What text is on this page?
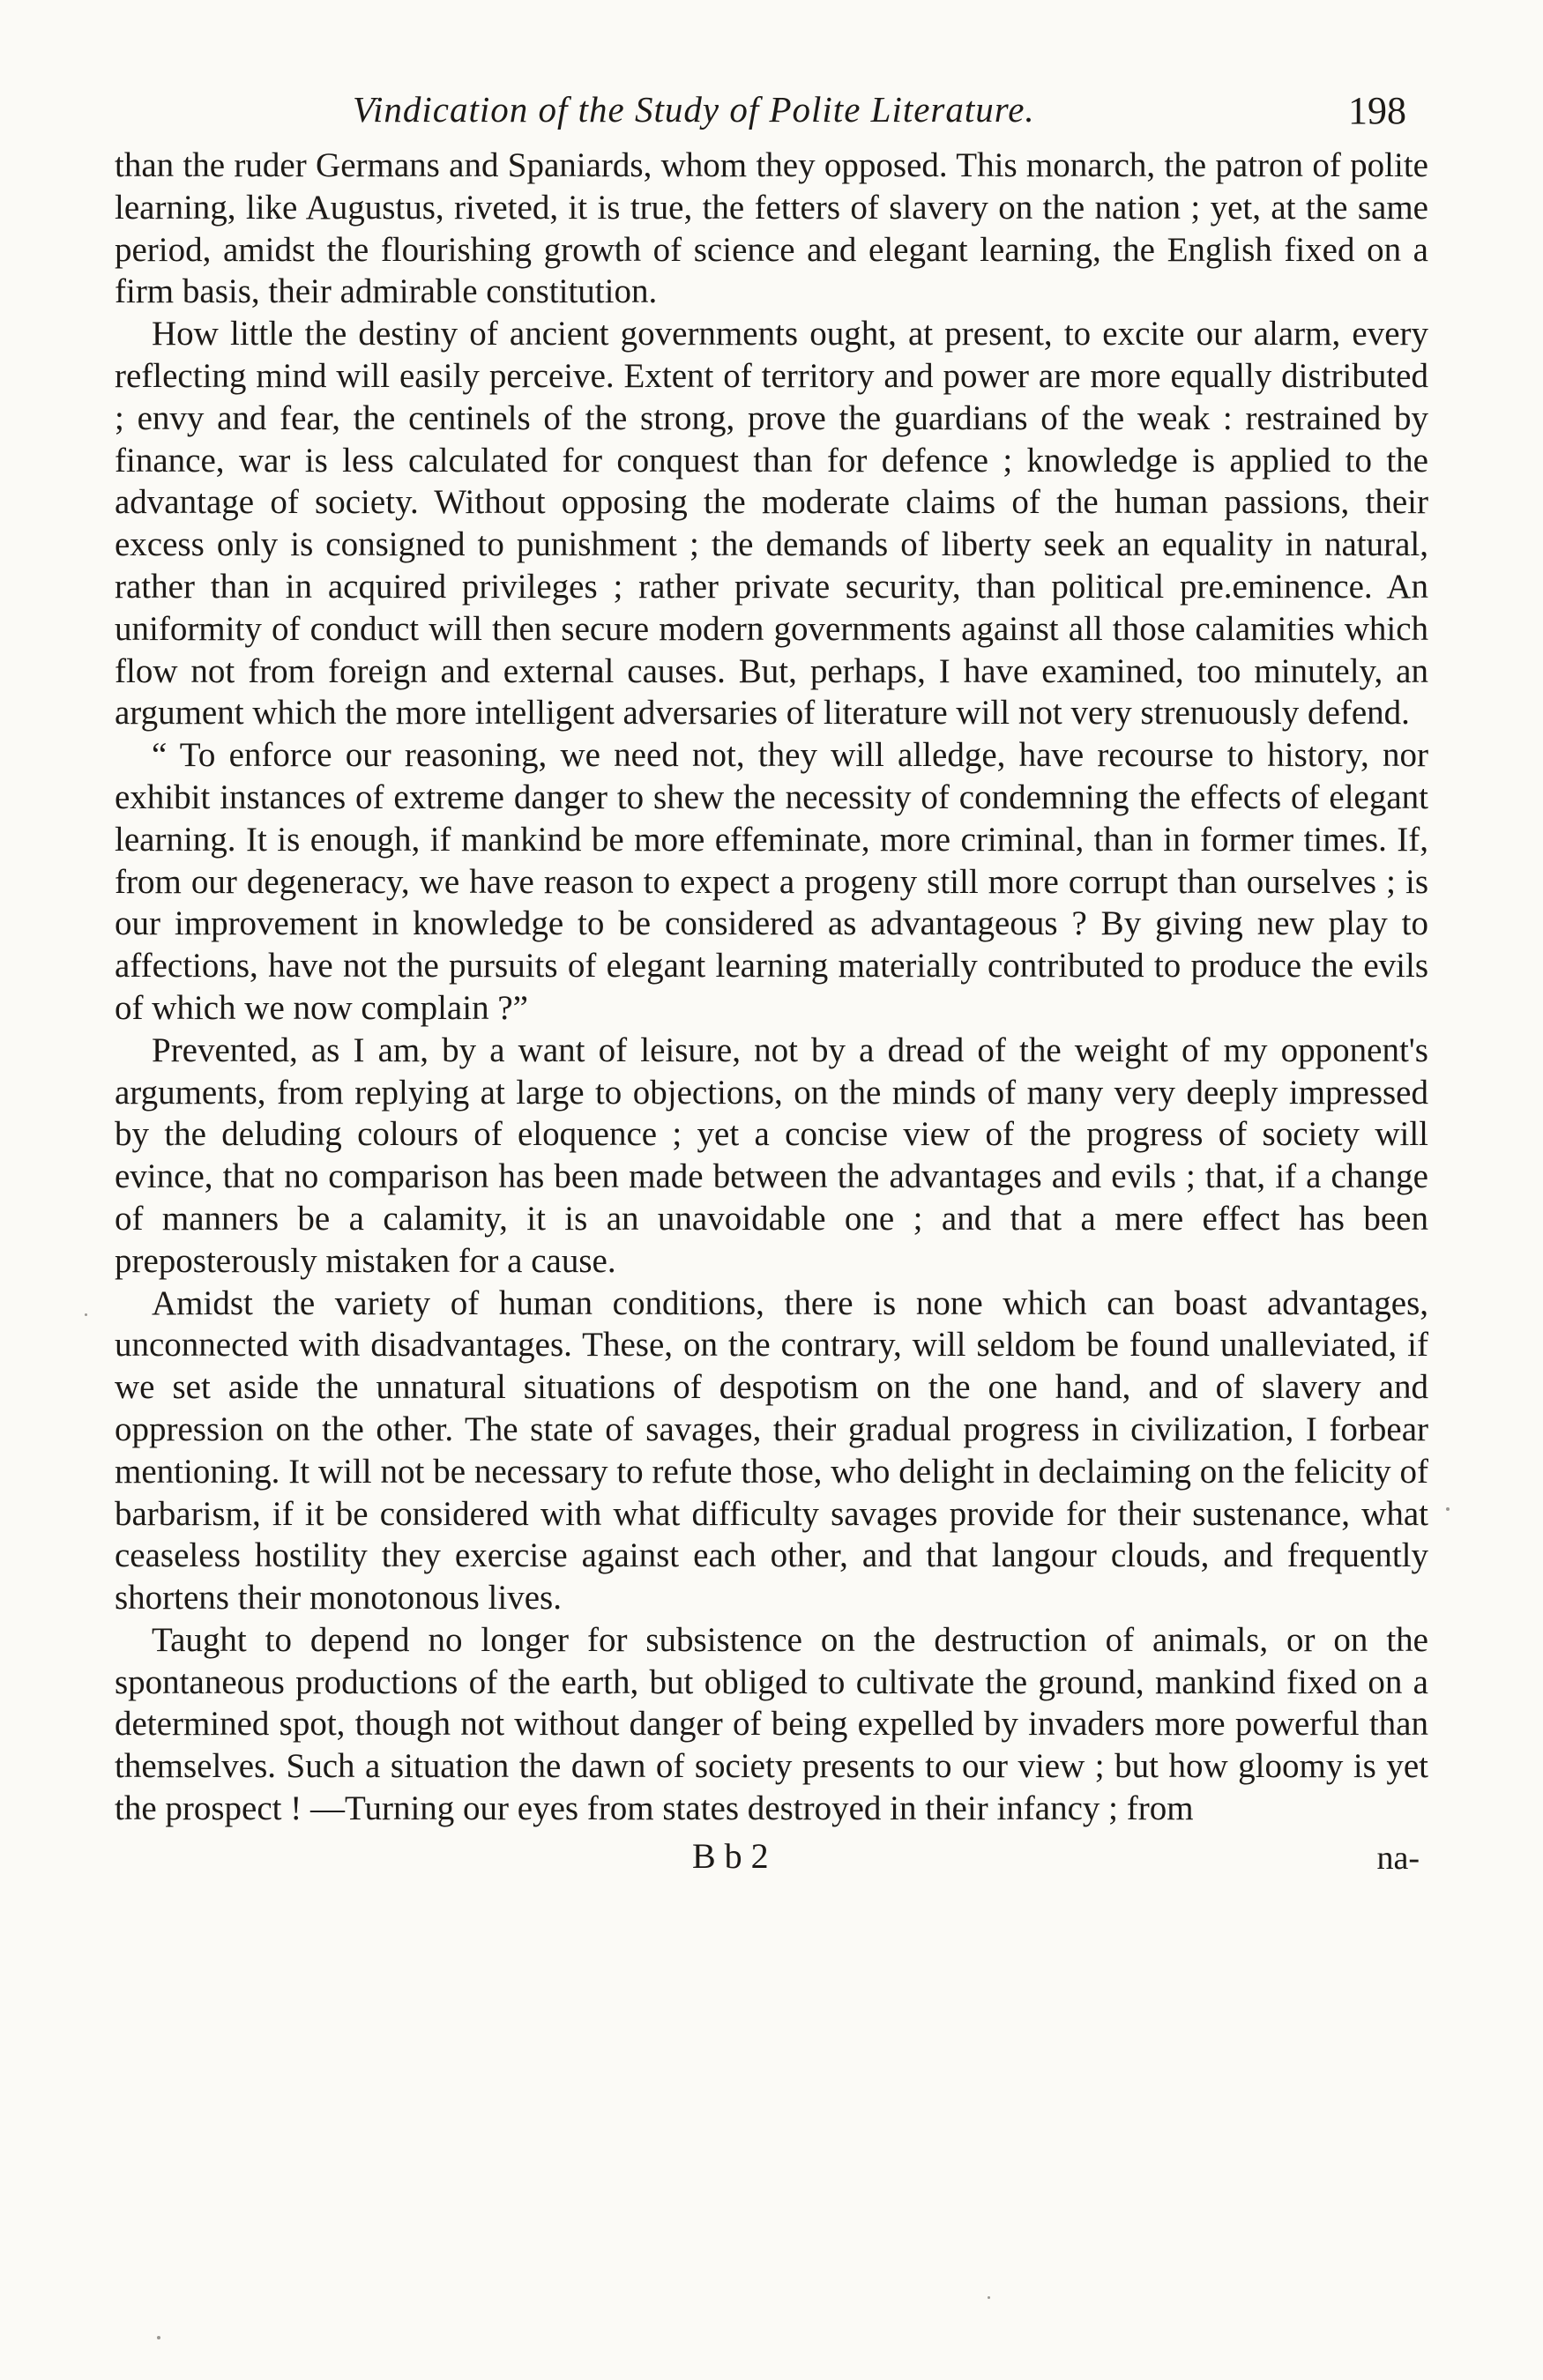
Vindication of the Study of Polite Literature.	198

than the ruder Germans and Spaniards, whom they opposed. This monarch, the patron of polite learning, like Augustus, riveted, it is true, the fetters of slavery on the nation ; yet, at the same period, amidst the flourishing growth of science and elegant learning, the English fixed on a firm basis, their admirable constitution.

How little the destiny of ancient governments ought, at present, to excite our alarm, every reflecting mind will easily perceive. Extent of territory and power are more equally distributed ; envy and fear, the centinels of the strong, prove the guardians of the weak : restrained by finance, war is less calculated for conquest than for defence ; knowledge is applied to the advantage of society. Without opposing the moderate claims of the human passions, their excess only is consigned to punishment ; the demands of liberty seek an equality in natural, rather than in acquired privileges ; rather private security, than political pre.eminence. An uniformity of conduct will then secure modern governments against all those calamities which flow not from foreign and external causes. But, perhaps, I have examined, too minutely, an argument which the more intelligent adversaries of literature will not very strenuously defend.

“ To enforce our reasoning, we need not, they will alledge, have recourse to history, nor exhibit instances of extreme danger to shew the necessity of condemning the effects of elegant learning. It is enough, if mankind be more effeminate, more criminal, than in former times. If, from our degeneracy, we have reason to expect a progeny still more corrupt than ourselves ; is our improvement in knowledge to be considered as advantageous ? By giving new play to affections, have not the pursuits of elegant learning materially contributed to produce the evils of which we now complain ?”

Prevented, as I am, by a want of leisure, not by a dread of the weight of my opponent's arguments, from replying at large to objections, on the minds of many very deeply impressed by the deluding colours of eloquence ; yet a concise view of the progress of society will evince, that no comparison has been made between the advantages and evils ; that, if a change of manners be a calamity, it is an unavoidable one ; and that a mere effect has been preposterously mistaken for a cause.

Amidst the variety of human conditions, there is none which can boast advantages, unconnected with disadvantages. These, on the contrary, will seldom be found unalleviated, if we set aside the unnatural situations of despotism on the one hand, and of slavery and oppression on the other. The state of savages, their gradual progress in civilization, I forbear mentioning. It will not be necessary to refute those, who delight in declaiming on the felicity of barbarism, if it be considered with what difficulty savages provide for their sustenance, what ceaseless hostility they exercise against each other, and that langour clouds, and frequently shortens their monotonous lives.

Taught to depend no longer for subsistence on the destruction of animals, or on the spontaneous productions of the earth, but obliged to cultivate the ground, mankind fixed on a determined spot, though not without danger of being expelled by invaders more powerful than themselves. Such a situation the dawn of society presents to our view ; but how gloomy is yet the prospect ! —Turning our eyes from states destroyed in their infancy ; from

B b 2	na-
